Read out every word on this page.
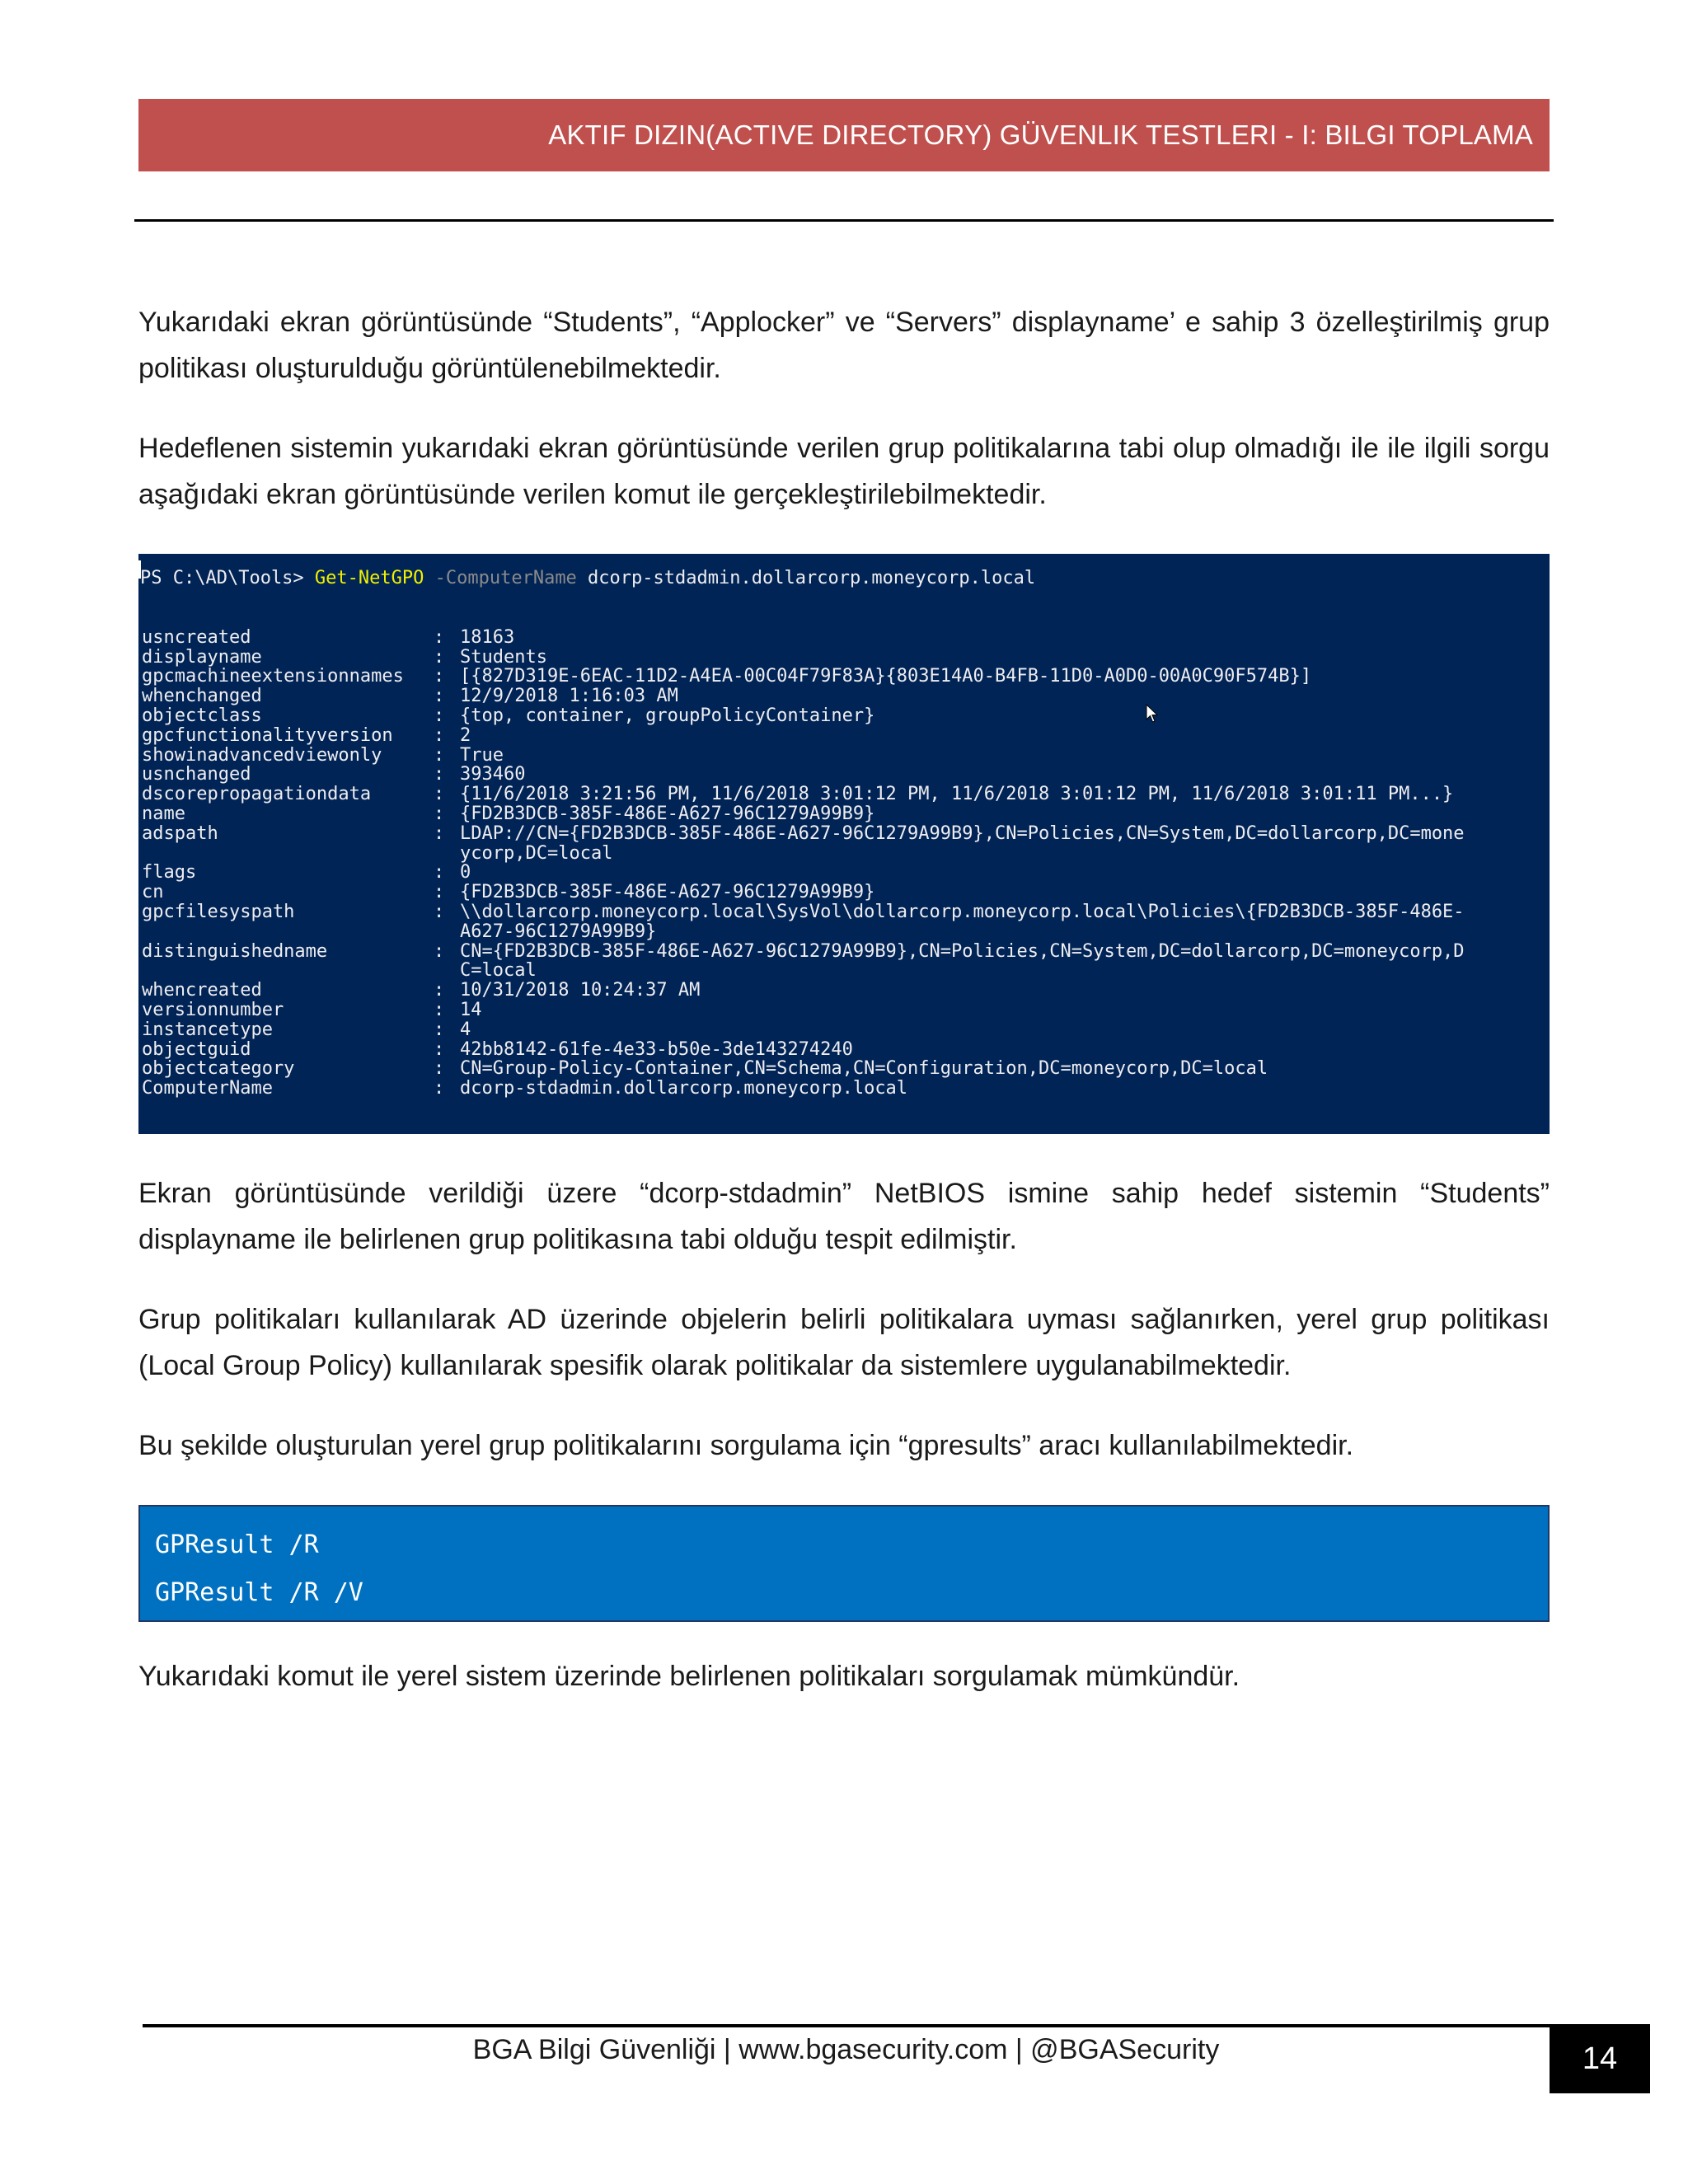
AKTIF DIZIN(ACTIVE DIRECTORY) GÜVENLIK TESTLERI - I: BILGI TOPLAMA

Yukarıdaki ekran görüntüsünde “Students”, “Applocker” ve “Servers” displayname’ e sahip 3 özelleştirilmiş grup politikası oluşturulduğu görüntülenebilmektedir.

Hedeflenen sistemin yukarıdaki ekran görüntüsünde verilen grup politikalarına tabi olup olmadığı ile ile ilgili sorgu aşağıdaki ekran görüntüsünde verilen komut ile gerçekleştirilebilmektedir.

PS C:\AD\Tools> Get-NetGPO -ComputerName dcorp-stdadmin.dollarcorp.moneycorp.local
usncreated	: 18163
displayname	: Students
gpcmachineextensionnames : [{827D319E-6EAC-11D2-A4EA-00C04F79F83A}{803E14A0-B4FB-11D0-A0D0-00A0C90F574B}]
whenchanged	: 12/9/2018 1:16:03 AM
objectclass	: {top, container, groupPolicyContainer}
gpcfunctionalityversion : 2
showinadvancedviewonly	: True
usnchanged	: 393460
dscorepropagationdata	: {11/6/2018 3:21:56 PM, 11/6/2018 3:01:12 PM, 11/6/2018 3:01:12 PM, 11/6/2018 3:01:11 PM...}
name	: {FD2B3DCB-385F-486E-A627-96C1279A99B9}
adspath	: LDAP://CN={FD2B3DCB-385F-486E-A627-96C1279A99B9},CN=Policies,CN=System,DC=dollarcorp,DC=mone
ycorp,DC=local
flags	: 0
cn	: {FD2B3DCB-385F-486E-A627-96C1279A99B9}
gpcfilesyspath	: \\dollarcorp.moneycorp.local\SysVol\dollarcorp.moneycorp.local\Policies\{FD2B3DCB-385F-486E-
A627-96C1279A99B9}
distinguishedname	: CN={FD2B3DCB-385F-486E-A627-96C1279A99B9},CN=Policies,CN=System,DC=dollarcorp,DC=moneycorp,D
C=local
whencreated	: 10/31/2018 10:24:37 AM
versionnumber	: 14
instancetype	: 4
objectguid	: 42bb8142-61fe-4e33-b50e-3de143274240
objectcategory	: CN=Group-Policy-Container,CN=Schema,CN=Configuration,DC=moneycorp,DC=local
ComputerName	: dcorp-stdadmin.dollarcorp.moneycorp.local

Ekran görüntüsünde verildiği üzere “dcorp-stdadmin” NetBIOS ismine sahip hedef sistemin “Students” displayname ile belirlenen grup politikasına tabi olduğu tespit edilmiştir.

Grup politikaları kullanılarak AD üzerinde objelerin belirli politikalara uyması sağlanırken, yerel grup politikası (Local Group Policy) kullanılarak spesifik olarak politikalar da sistemlere uygulanabilmektedir.

Bu şekilde oluşturulan yerel grup politikalarını sorgulama için “gpresults” aracı kullanılabilmektedir.

GPResult /R
GPResult /R /V

Yukarıdaki komut ile yerel sistem üzerinde belirlenen politikaları sorgulamak mümkündür.

BGA Bilgi Güvenliği | www.bgasecurity.com | @BGASecurity	14
